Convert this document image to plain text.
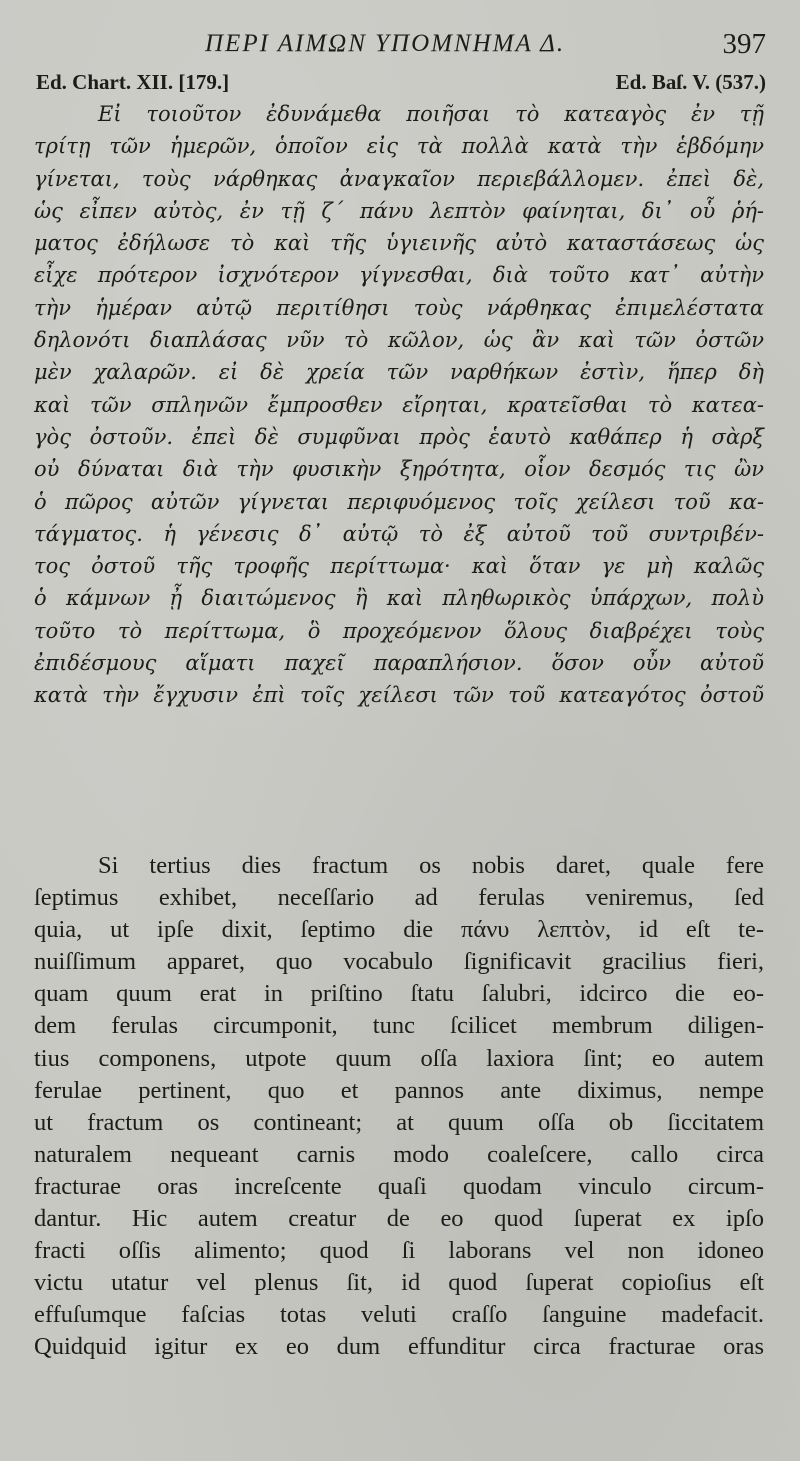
ΠΕΡΙ ΑΙΜΩΝ ΥΠΟΜΝΗΜΑ Δ.	397
Ed. Chart. XII. [179.]	Ed. Baſ. V. (537.)
Εἰ τοιοῦτον ἐδυνάμεθα ποιῆσαι τὸ κατεαγὸς ἐν τῇ
τρίτῃ τῶν ἡμερῶν, ὁποῖον εἰς τὰ πολλὰ κατὰ τὴν ἑβδόμην
γίνεται, τοὺς νάρθηκας ἀναγκαῖον περιεβάλλομεν. ἐπεὶ δὲ,
ὡς εἶπεν αὐτὸς, ἐν τῇ ζ΄ πάνυ λεπτὸν φαίνηται, δι᾽ οὗ ῥή-
ματος ἐδήλωσε τὸ καὶ τῆς ὑγιεινῆς αὐτὸ καταστάσεως ὡς
εἶχε πρότερον ἰσχνότερον γίγνεσθαι, διὰ τοῦτο κατ᾽ αὐτὴν
τὴν ἡμέραν αὐτῷ περιτίθησι τοὺς νάρθηκας ἐπιμελέστατα
δηλονότι διαπλάσας νῦν τὸ κῶλον, ὡς ἂν καὶ τῶν ὀστῶν
μὲν χαλαρῶν. εἰ δὲ χρεία τῶν ναρθήκων ἐστὶν, ἥπερ δὴ
καὶ τῶν σπληνῶν ἔμπροσθεν εἴρηται, κρατεῖσθαι τὸ κατεα-
γὸς ὀστοῦν. ἐπεὶ δὲ συμφῦναι πρὸς ἑαυτὸ καθάπερ ἡ σὰρξ
οὐ δύναται διὰ τὴν φυσικὴν ξηρότητα, οἷον δεσμός τις ὢν
ὁ πῶρος αὐτῶν γίγνεται περιφυόμενος τοῖς χείλεσι τοῦ κα-
τάγματος. ἡ γένεσις δ᾽ αὐτῷ τὸ ἐξ αὐτοῦ τοῦ συντριβέν-
τος ὀστοῦ τῆς τροφῆς περίττωμα· καὶ ὅταν γε μὴ καλῶς
ὁ κάμνων ᾖ διαιτώμενος ἢ καὶ πληθωρικὸς ὑπάρχων, πολὺ
τοῦτο τὸ περίττωμα, ὃ προχεόμενον ὅλους διαβρέχει τοὺς
ἐπιδέσμους αἵματι παχεῖ παραπλήσιον. ὅσον οὖν αὐτοῦ
κατὰ τὴν ἔγχυσιν ἐπὶ τοῖς χείλεσι τῶν τοῦ κατεαγότος ὀστοῦ
Si tertius dies fractum os nobis daret, quale fere
ſeptimus exhibet, neceſſario ad ferulas veniremus, ſed
quia, ut ipſe dixit, ſeptimo die πάνυ λεπτὸν, id eſt te-
nuiſſimum apparet, quo vocabulo ſignificavit gracilius fieri,
quam quum erat in priſtino ſtatu ſalubri, idcirco die eo-
dem ferulas circumponit, tunc ſcilicet membrum diligen-
tius componens, utpote quum oſſa laxiora ſint; eo autem
ferulae pertinent, quo et pannos ante diximus, nempe
ut fractum os contineant; at quum oſſa ob ſiccitatem
naturalem nequeant carnis modo coaleſcere, callo circa
fracturae oras increſcente quaſi quodam vinculo circum-
dantur. Hic autem creatur de eo quod ſuperat ex ipſo
fracti oſſis alimento; quod ſi laborans vel non idoneo
victu utatur vel plenus ſit, id quod ſuperat copioſius eſt
effuſumque faſcias totas veluti craſſo ſanguine madefacit.
Quidquid igitur ex eo dum effunditur circa fracturae oras
